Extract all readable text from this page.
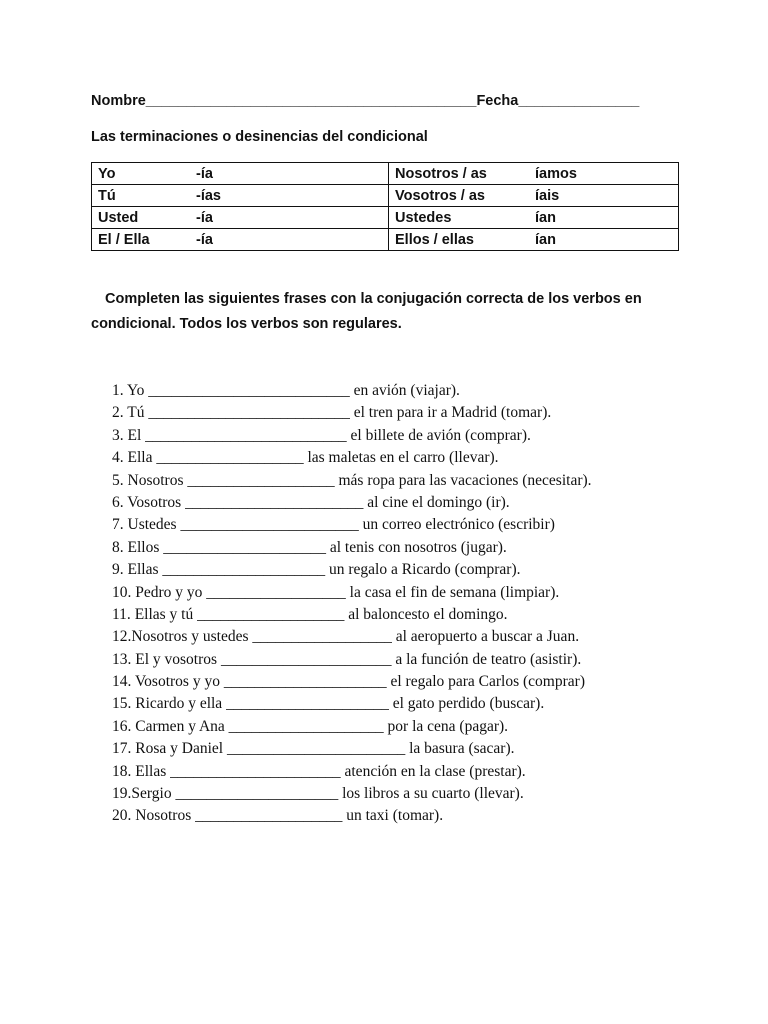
Nombre_________________________________________Fecha_______________
Las terminaciones o desinencias del condicional
Yo -ía	Nosotros / as íamos
Tú -ías	Vosotros / as íais
Usted -ía	Ustedes ían
El / Ella -ía	Ellos / ellas ían
Completen las siguientes frases con la conjugación correcta de los verbos en
condicional. Todos los verbos son regulares.
1. Yo __________________________ en avión (viajar).
2. Tú __________________________ el tren para ir a Madrid (tomar).
3. El __________________________ el billete de avión (comprar).
4. Ella ___________________ las maletas en el carro (llevar).
5. Nosotros ___________________ más ropa para las vacaciones (necesitar).
6. Vosotros _______________________ al cine el domingo (ir).
7. Ustedes _______________________ un correo electrónico (escribir)
8. Ellos _____________________ al tenis con nosotros (jugar).
9. Ellas _____________________ un regalo a Ricardo (comprar).
10. Pedro y yo __________________ la casa el fin de semana (limpiar).
11. Ellas y tú ___________________ al baloncesto el domingo.
12.Nosotros y ustedes __________________ al aeropuerto a buscar a Juan.
13. El y vosotros ______________________ a la función de teatro (asistir).
14. Vosotros y yo _____________________ el regalo para Carlos (comprar)
15. Ricardo y ella _____________________ el gato perdido (buscar).
16. Carmen y Ana ____________________ por la cena (pagar).
17. Rosa y Daniel _______________________ la basura (sacar).
18. Ellas ______________________ atención en la clase (prestar).
19.Sergio _____________________ los libros a su cuarto (llevar).
20. Nosotros ___________________ un taxi (tomar).
